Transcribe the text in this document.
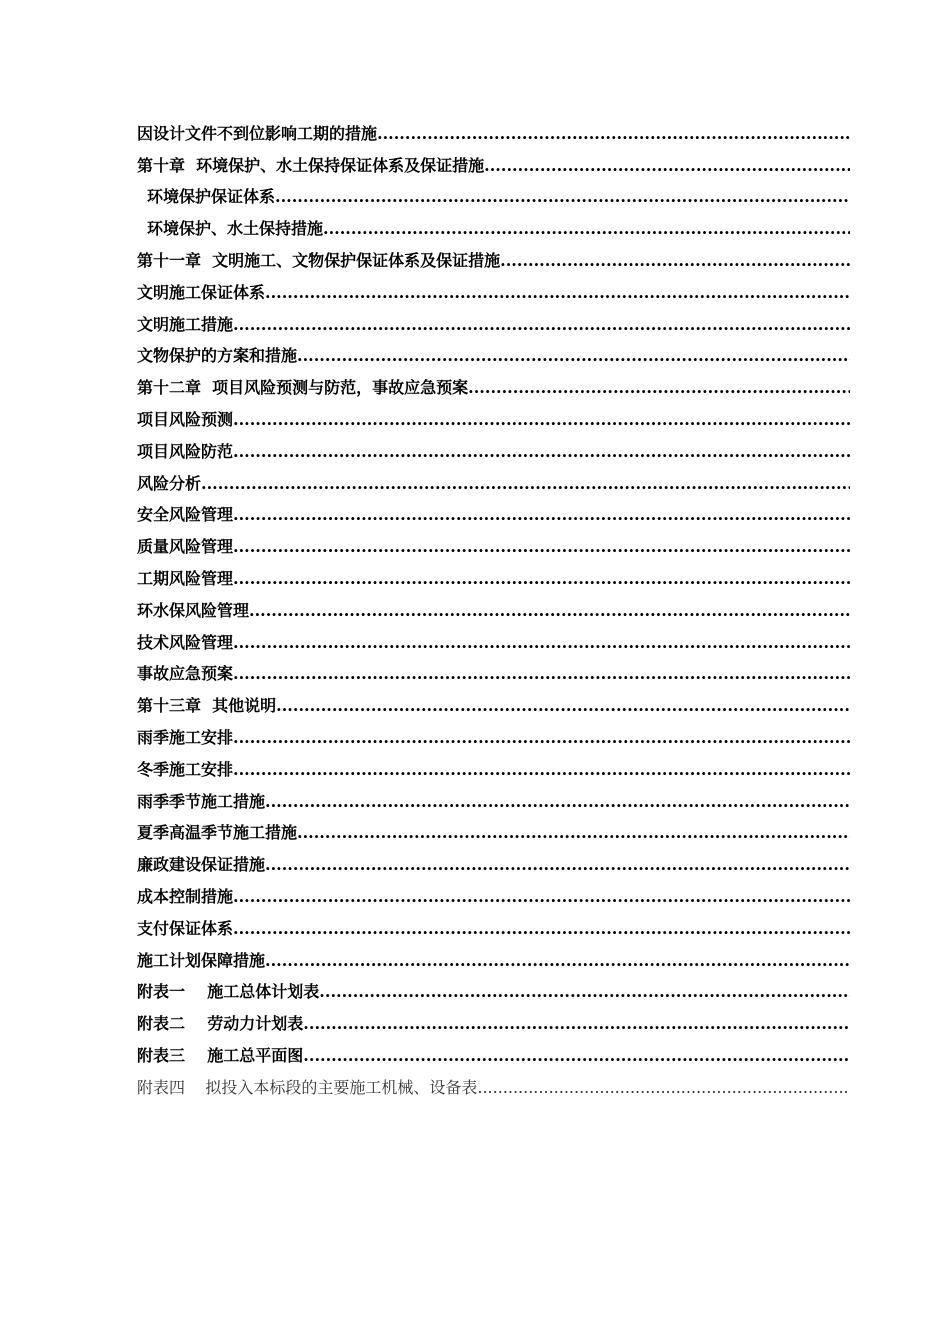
因设计文件不到位影响工期的措施
.....
第十章  环境保护、水土保持保证体系及保证措施
.....
环境保护保证体系
.....
环境保护、水土保持措施
.....
第十一章  文明施工、文物保护保证体系及保证措施
.....
文明施工保证体系
.....
文明施工措施
.....
文物保护的方案和措施
.....
第十二章  项目风险预测与防范，事故应急预案
.....
项目风险预测
.....
项目风险防范
.....
风险分析
.....
安全风险管理
.....
质量风险管理
.....
工期风险管理
.....
环水保风险管理
.....
技术风险管理
.....
事故应急预案
.....
第十三章  其他说明
.....
雨季施工安排
.....
冬季施工安排
.....
雨季季节施工措施
.....
夏季高温季节施工措施
.....
廉政建设保证措施
.....
成本控制措施
.....
支付保证体系
.....
施工计划保障措施
.....
附表一    施工总体计划表
.....
附表二    劳动力计划表
.....
附表三    施工总平面图
.....
附表四    拟投入本标段的主要施工机械、设备表
.....
